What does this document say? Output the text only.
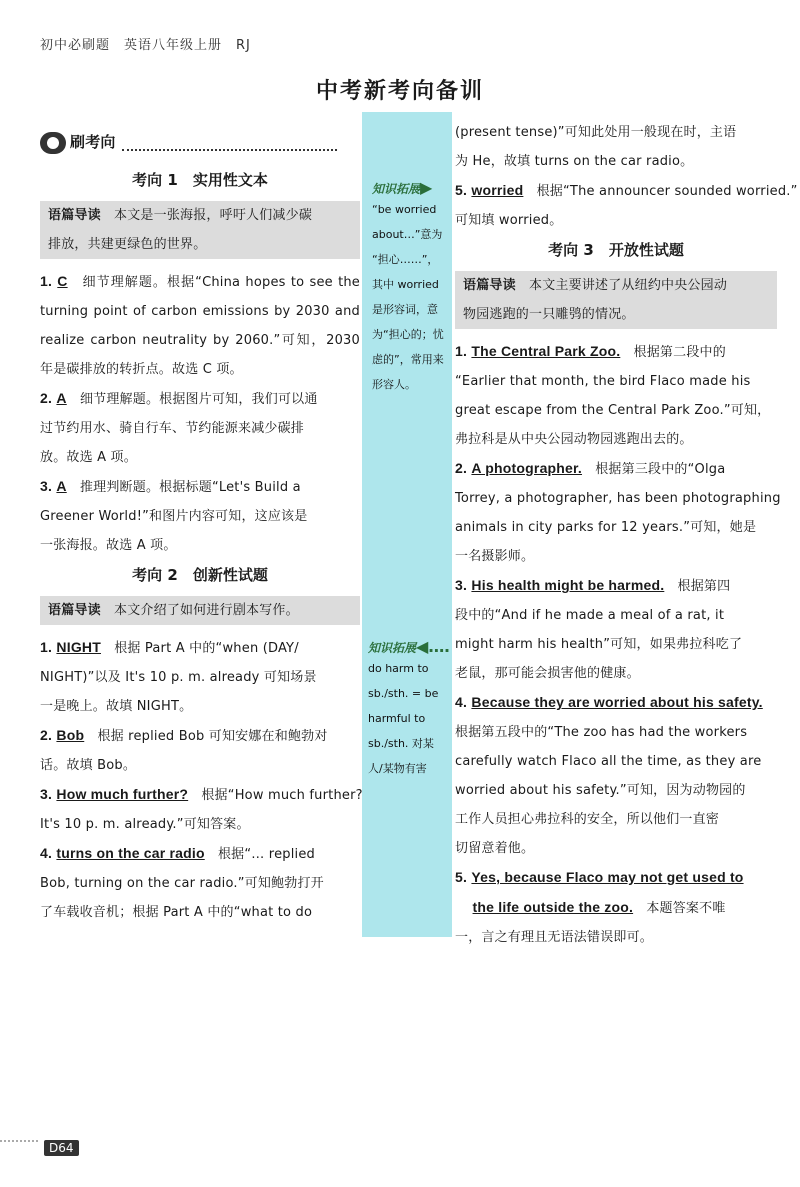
初中必刷题　英语八年级上册　RJ
中考新考向备训
刷考向
考向 1　实用性文本
语篇导读　 本文是一张海报，呼吁人们减少碳
排放，共建更绿色的世界。
1. C　 细节理解题。根据“China hopes to see the
turning point of carbon emissions by 2030 and
realize carbon neutrality by 2060.”可知，2030
年是碳排放的转折点。故选 C 项。
2. A　 细节理解题。根据图片可知，我们可以通
过节约用水、骑自行车、节约能源来减少碳排
放。故选 A 项。
3. A　 推理判断题。根据标题“Let's Build a
Greener World!”和图片内容可知，这应该是
一张海报。故选 A 项。
考向 2　创新性试题
语篇导读　 本文介绍了如何进行剧本写作。
1. NIGHT　 根据 Part A 中的“when (DAY/
NIGHT)”以及 It's 10 p. m. already 可知场景
一是晚上。故填 NIGHT。
2. Bob　 根据 replied Bob 可知安娜在和鲍勃对
话。故填 Bob。
3. How much further?　 根据“How much further?
It's 10 p. m. already.”可知答案。
4. turns on the car radio　 根据“… replied
Bob, turning on the car radio.”可知鲍勃打开
了车载收音机；根据 Part A 中的“what to do
知识拓展▶
“be worried
about…”意为
“担心……”，
其中 worried
是形容词，意
为“担心的；忧
虑的”，常用来
形容人。
知识拓展◀‥‥
do harm to
sb./sth. = be
harmful to
sb./sth. 对某
人/某物有害
(present tense)”可知此处用一般现在时，主语
为 He，故填 turns on the car radio。
5. worried　 根据“The announcer sounded worried.”
可知填 worried。
考向 3　开放性试题
语篇导读　 本文主要讲述了从纽约中央公园动
物园逃跑的一只雕鸮的情况。
1. The Central Park Zoo.　 根据第二段中的
“Earlier that month, the bird Flaco made his
great escape from the Central Park Zoo.”可知，
弗拉科是从中央公园动物园逃跑出去的。
2. A photographer.　 根据第三段中的“Olga
Torrey, a photographer, has been photographing
animals in city parks for 12 years.”可知，她是
一名摄影师。
3. His health might be harmed.　 根据第四
段中的“And if he made a meal of a rat, it
might harm his health”可知，如果弗拉科吃了
老鼠，那可能会损害他的健康。
4. Because they are worried about his safety.
根据第五段中的“The zoo has had the workers
carefully watch Flaco all the time, as they are
worried about his safety.”可知，因为动物园的
工作人员担心弗拉科的安全，所以他们一直密
切留意着他。
5. Yes, because Flaco may not get used to
　 the life outside the zoo.　 本题答案不唯
一，言之有理且无语法错误即可。
D64
